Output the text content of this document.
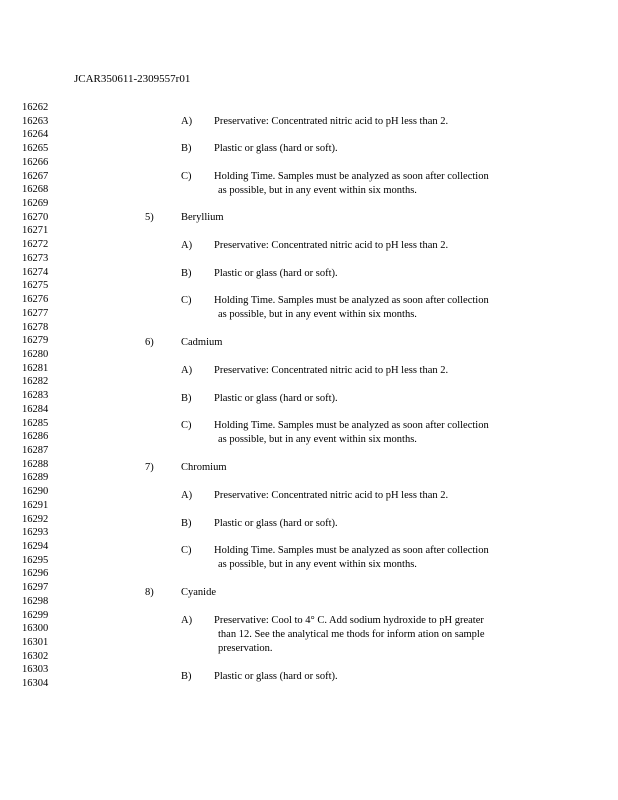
JCAR350611-2309557r01
16262
16263
16264
16265
16266
16267
16268
16269
16270
16271
16272
16273
16274
16275
16276
16277
16278
16279
16280
16281
16282
16283
16284
16285
16286
16287
16288
16289
16290
16291
16292
16293
16294
16295
16296
16297
16298
16299
16300
16301
16302
16303
16304
A) Preservative: Concentrated nitric acid to pH less than 2.
B) Plastic or glass (hard or soft).
C) Holding Time. Samples must be analyzed as soon after collection
as possible, but in any event within six months.
5)	Beryllium
A) Preservative: Concentrated nitric acid to pH less than 2.
B) Plastic or glass (hard or soft).
C) Holding Time. Samples must be analyzed as soon after collection
as possible, but in any event within six months.
6)	Cadmium
A) Preservative: Concentrated nitric acid to pH less than 2.
B) Plastic or glass (hard or soft).
C) Holding Time. Samples must be analyzed as soon after collection
as possible, but in any event within six months.
7)	Chromium
A) Preservative: Concentrated nitric acid to pH less than 2.
B) Plastic or glass (hard or soft).
C) Holding Time. Samples must be analyzed as soon after collection
as possible, but in any event within six months.
8)	Cyanide
A) Preservative: Cool to 4° C. Add sodium hydroxide to pH greater
than 12. See the analytical me thods for inform ation on sample
preservation.
B) Plastic or glass (hard or soft).
